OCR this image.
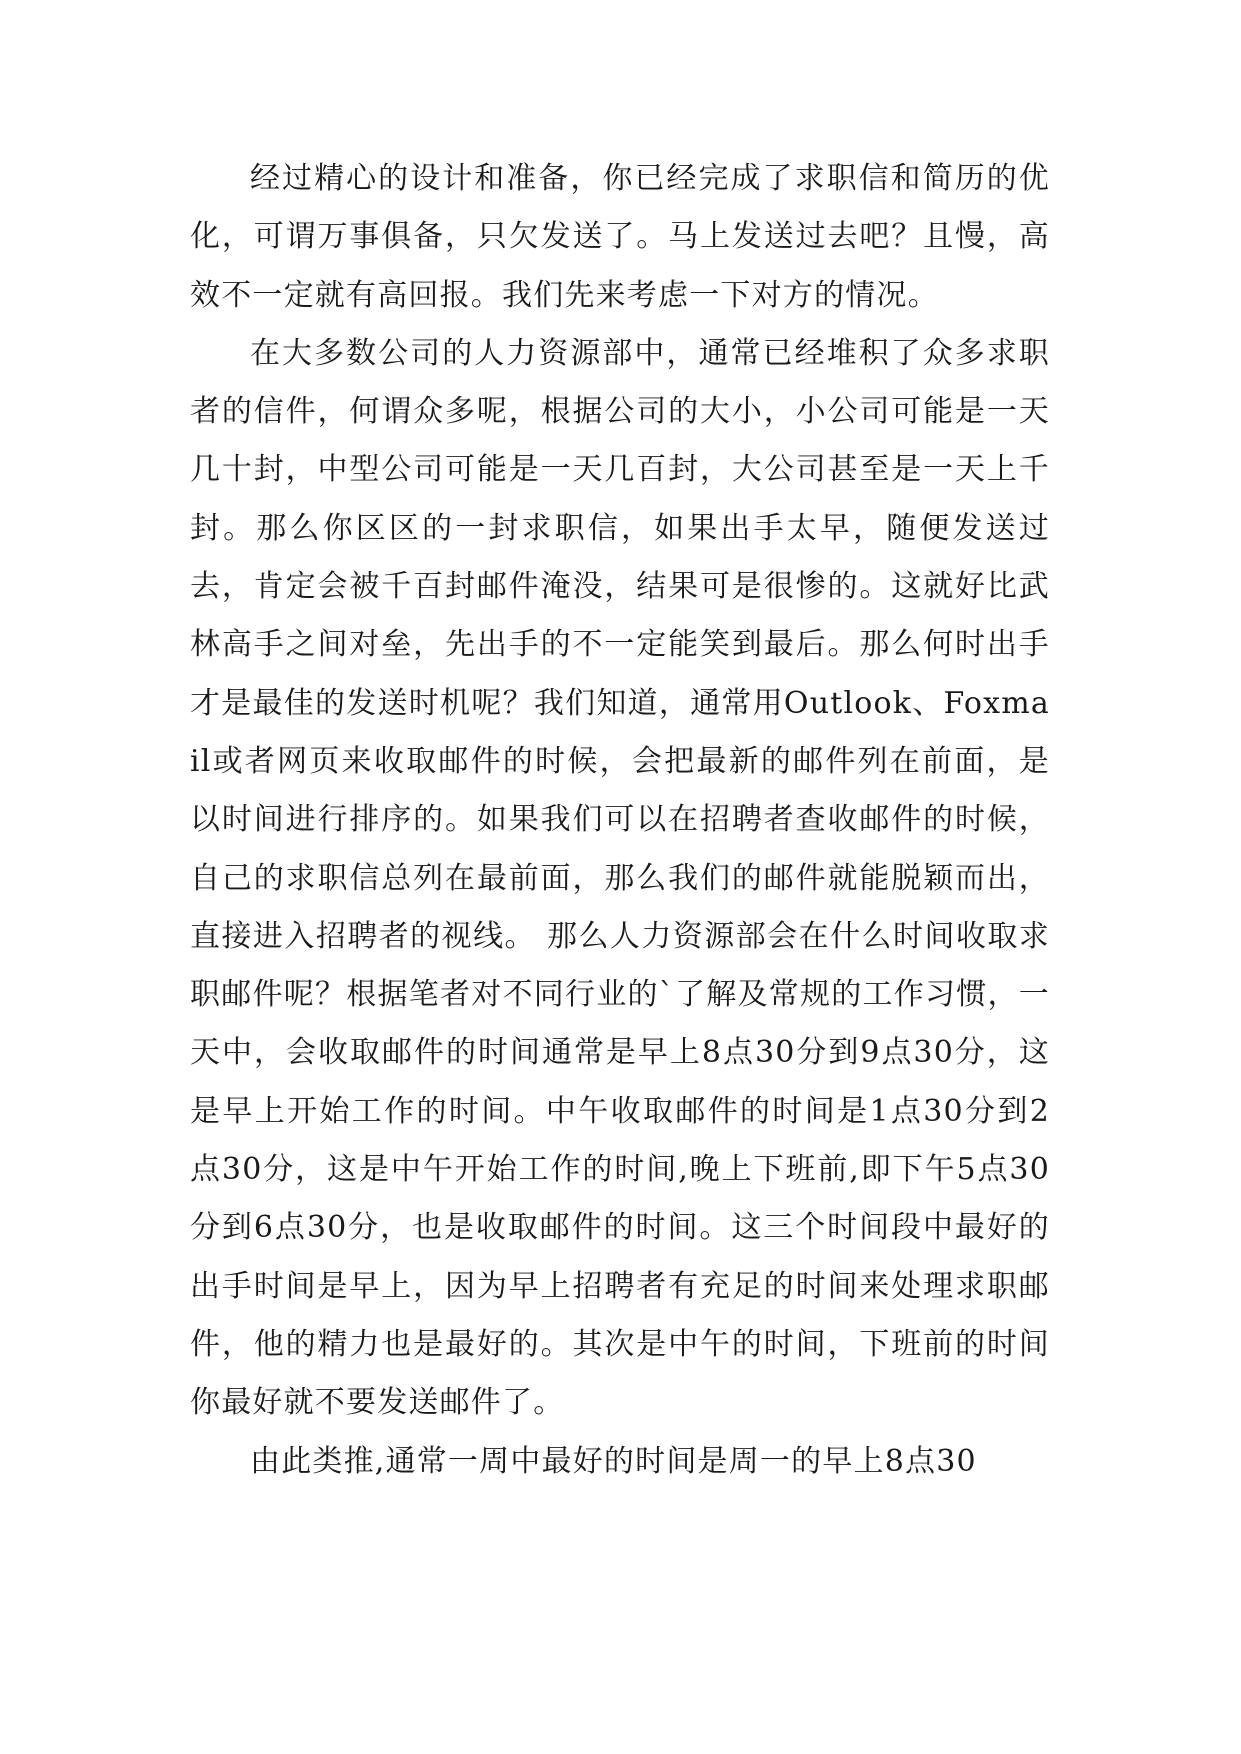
经过精心的设计和准备，你已经完成了求职信和简历的优化，可谓万事俱备，只欠发送了。马上发送过去吧？且慢，高效不一定就有高回报。我们先来考虑一下对方的情况。

在大多数公司的人力资源部中，通常已经堆积了众多求职者的信件，何谓众多呢，根据公司的大小，小公司可能是一天几十封，中型公司可能是一天几百封，大公司甚至是一天上千封。那么你区区的一封求职信，如果出手太早，随便发送过去，肯定会被千百封邮件淹没，结果可是很惨的。这就好比武林高手之间对垒，先出手的不一定能笑到最后。那么何时出手才是最佳的发送时机呢？我们知道，通常用Outlook、Foxmail或者网页来收取邮件的时候，会把最新的邮件列在前面，是以时间进行排序的。如果我们可以在招聘者查收邮件的时候，自己的求职信总列在最前面，那么我们的邮件就能脱颖而出，直接进入招聘者的视线。 那么人力资源部会在什么时间收取求职邮件呢？根据笔者对不同行业的`了解及常规的工作习惯，一天中，会收取邮件的时间通常是早上8点30分到9点30分，这是早上开始工作的时间。中午收取邮件的时间是1点30分到2点30分，这是中午开始工作的时间,晚上下班前,即下午5点30分到6点30分，也是收取邮件的时间。这三个时间段中最好的出手时间是早上，因为早上招聘者有充足的时间来处理求职邮件，他的精力也是最好的。其次是中午的时间，下班前的时间你最好就不要发送邮件了。

由此类推,通常一周中最好的时间是周一的早上8点30
